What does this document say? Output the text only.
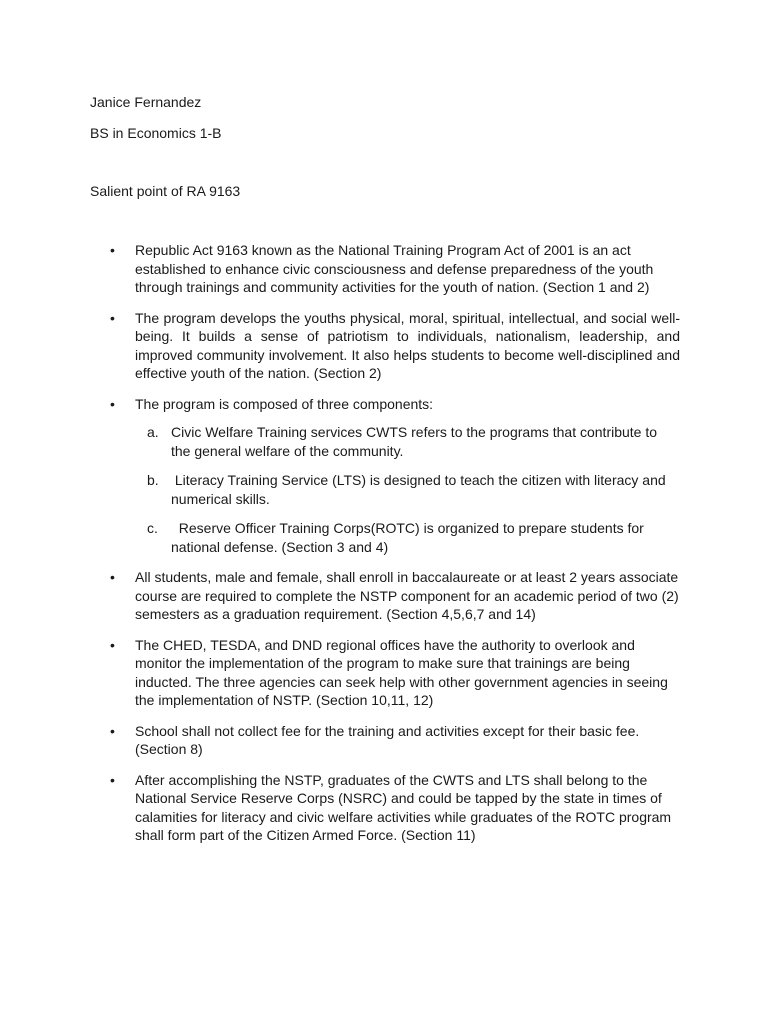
Janice Fernandez
BS in Economics 1-B
Salient point of RA 9163
• Republic Act 9163 known as the National Training Program Act of 2001 is an act established to enhance civic consciousness and defense preparedness of the youth through trainings and community activities for the youth of nation. (Section 1 and 2)
• The program develops the youths physical, moral, spiritual, intellectual, and social well-being. It builds a sense of patriotism to individuals, nationalism, leadership, and improved community involvement. It also helps students to become well-disciplined and effective youth of the nation. (Section 2)
• The program is composed of three components:
a. Civic Welfare Training services CWTS refers to the programs that contribute to the general welfare of the community.
b. Literacy Training Service (LTS) is designed to teach the citizen with literacy and numerical skills.
c. Reserve Officer Training Corps(ROTC) is organized to prepare students for national defense. (Section 3 and 4)
• All students, male and female, shall enroll in baccalaureate or at least 2 years associate course are required to complete the NSTP component for an academic period of two (2) semesters as a graduation requirement. (Section 4,5,6,7 and 14)
• The CHED, TESDA, and DND regional offices have the authority to overlook and monitor the implementation of the program to make sure that trainings are being inducted. The three agencies can seek help with other government agencies in seeing the implementation of NSTP. (Section 10,11, 12)
• School shall not collect fee for the training and activities except for their basic fee. (Section 8)
• After accomplishing the NSTP, graduates of the CWTS and LTS shall belong to the National Service Reserve Corps (NSRC) and could be tapped by the state in times of calamities for literacy and civic welfare activities while graduates of the ROTC program shall form part of the Citizen Armed Force. (Section 11)
